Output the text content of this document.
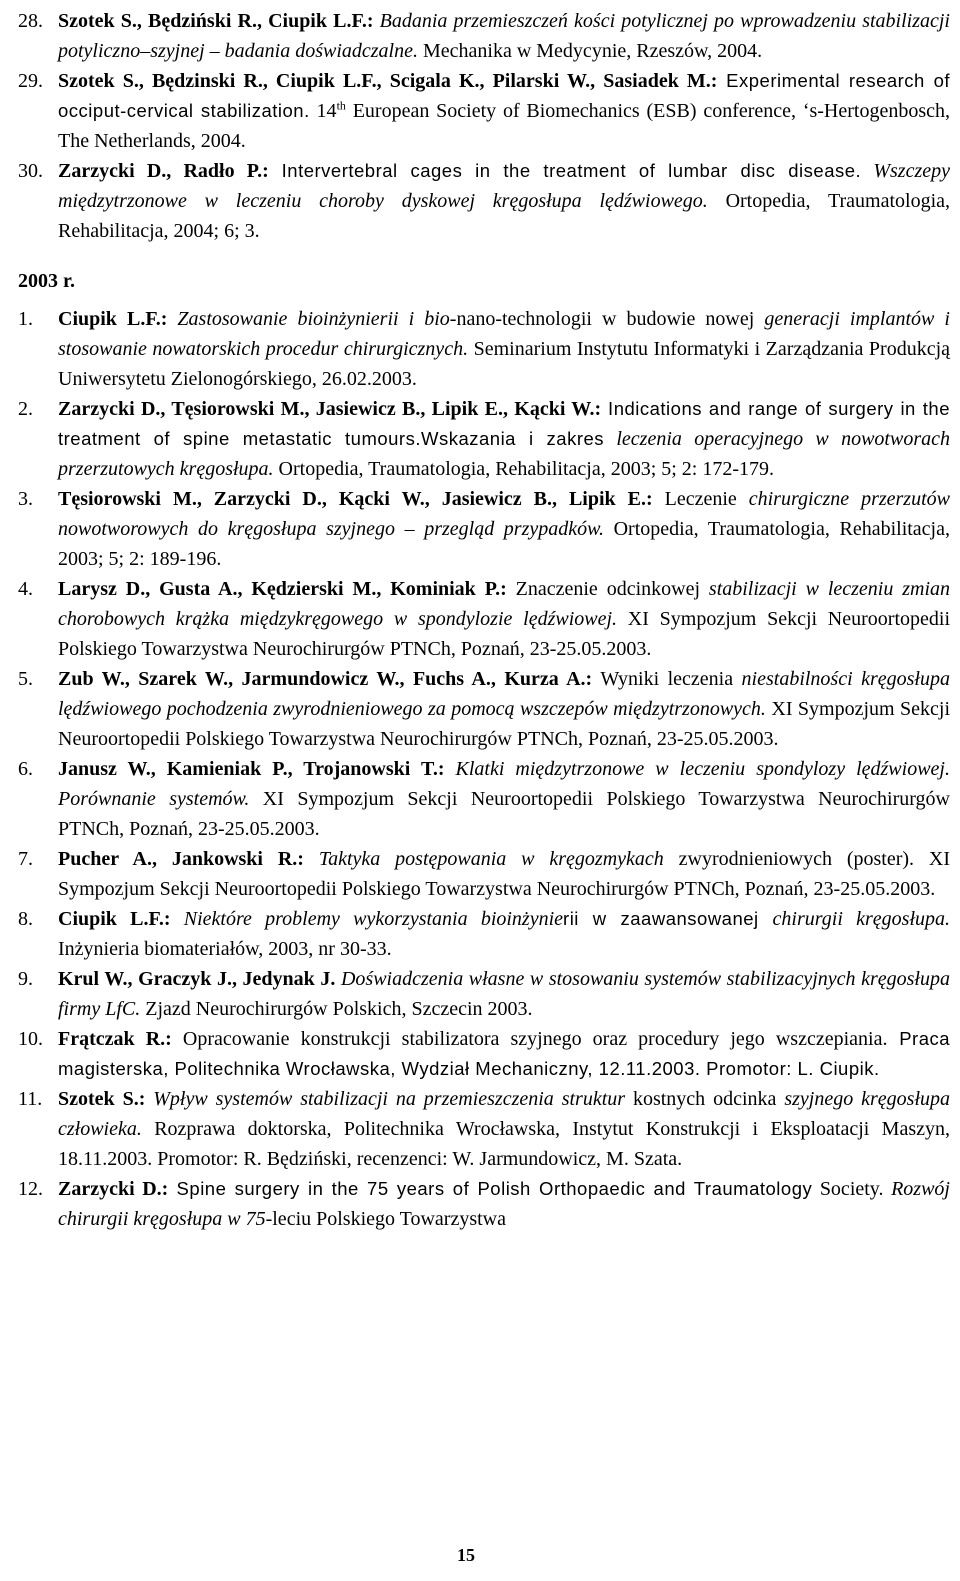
28. Szotek S., Będziński R., Ciupik L.F.: Badania przemieszczeń kości potylicznej po wprowadzeniu stabilizacji potyliczno–szyjnej – badania doświadczalne. Mechanika w Medycynie, Rzeszów, 2004.
29. Szotek S., Będzinski R., Ciupik L.F., Scigala K., Pilarski W., Sasiadek M.: Experimental research of occiput-cervical stabilization. 14th European Society of Biomechanics (ESB) conference, ‘s-Hertogenbosch, The Netherlands, 2004.
30. Zarzycki D., Radło P.: Intervertebral cages in the treatment of lumbar disc disease. Wszczepy międzytrzonowe w leczeniu choroby dyskowej kręgosłupa lędźwiowego. Ortopedia, Traumatologia, Rehabilitacja, 2004; 6; 3.
2003 r.
1.	Ciupik L.F.: Zastosowanie bioinżynierii i bio-nano-technologii w budowie nowej generacji implantów i stosowanie nowatorskich procedur chirurgicznych. Seminarium Instytutu Informatyki i Zarządzania Produkcją Uniwersytetu Zielonogórskiego, 26.02.2003.
2.	Zarzycki D., Tęsiorowski M., Jasiewicz B., Lipik E., Kącki W.: Indications and range of surgery in the treatment of spine metastatic tumours.Wskazania i zakres leczenia operacyjnego w nowotworach przerzutowych kręgosłupa. Ortopedia, Traumatologia, Rehabilitacja, 2003; 5; 2: 172-179.
3.	Tęsiorowski M., Zarzycki D., Kącki W., Jasiewicz B., Lipik E.: Leczenie chirurgiczne przerzutów nowotworowych do kręgosłupa szyjnego – przegląd przypadków. Ortopedia, Traumatologia, Rehabilitacja, 2003; 5; 2: 189-196.
4.	Larysz D., Gusta A., Kędzierski M., Kominiak P.: Znaczenie odcinkowej stabilizacji w leczeniu zmian chorobowych krążka międzykręgowego w spondylozie lędźwiowej. XI Sympozjum Sekcji Neuroortopedii Polskiego Towarzystwa Neurochirurgów PTNCh, Poznań, 23-25.05.2003.
5.	Zub W., Szarek W., Jarmundowicz W., Fuchs A., Kurza A.: Wyniki leczenia niestabilności kręgosłupa lędźwiowego pochodzenia zwyrodnieniowego za pomocą wszczepów międzytrzonowych. XI Sympozjum Sekcji Neuroortopedii Polskiego Towarzystwa Neurochirurgów PTNCh, Poznań, 23-25.05.2003.
6.	Janusz W., Kamieniak P., Trojanowski T.: Klatki międzytrzonowe w leczeniu spondylozy lędźwiowej. Porównanie systemów. XI Sympozjum Sekcji Neuroortopedii Polskiego Towarzystwa Neurochirurgów PTNCh, Poznań, 23-25.05.2003.
7.	Pucher A., Jankowski R.: Taktyka postępowania w kręgozmykach zwyrodnieniowych (poster). XI Sympozjum Sekcji Neuroortopedii Polskiego Towarzystwa Neurochirurgów PTNCh, Poznań, 23-25.05.2003.
8.	Ciupik L.F.: Niektóre problemy wykorzystania bioinżynierii w zaawansowanej chirurgii kręgosłupa. Inżynieria biomateriałów, 2003, nr 30-33.
9.	Krul W., Graczyk J., Jedynak J. Doświadczenia własne w stosowaniu systemów stabilizacyjnych kręgosłupa firmy LfC. Zjazd Neurochirurgów Polskich, Szczecin 2003.
10. Frątczak R.: Opracowanie konstrukcji stabilizatora szyjnego oraz procedury jego wszczepiania. Praca magisterska, Politechnika Wrocławska, Wydział Mechaniczny, 12.11.2003. Promotor: L. Ciupik.
11. Szotek S.: Wpływ systemów stabilizacji na przemieszczenia struktur kostnych odcinka szyjnego kręgosłupa człowieka. Rozprawa doktorska, Politechnika Wrocławska, Instytut Konstrukcji i Eksploatacji Maszyn, 18.11.2003. Promotor: R. Będziński, recenzenci: W. Jarmundowicz, M. Szata.
12. Zarzycki D.: Spine surgery in the 75 years of Polish Orthopaedic and Traumatology Society. Rozwój chirurgii kręgosłupa w 75-leciu Polskiego Towarzystwa
15
